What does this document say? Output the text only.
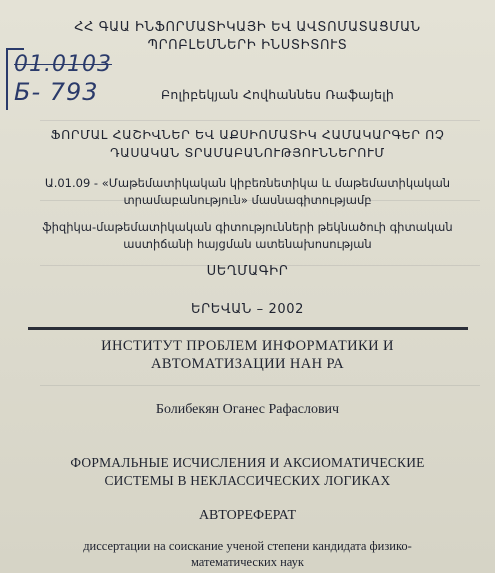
01.0103
Б- 793
ՀՀ ԳԱԱ ԻՆՖՈՐՄԱՏԻԿԱՅԻ ԵՎ ԱՎՏՈՄԱՏԱՑՄԱՆ
ՊՐՈԲԼԵՄՆԵՐԻ ԻՆՍՏԻՏՈՒՏ
Բոլիբեկյան Հովհաննես Ռաֆայելի
ՖՈՐՄԱԼ ՀԱՇԻՎՆԵՐ ԵՎ ԱՔՍԻՈՄԱՏԻԿ ՀԱՄԱԿԱՐԳԵՐ ՈՉ
ԴԱՍԱԿԱՆ ՏՐԱՄԱԲԱՆՈՒԹՅՈՒՆՆԵՐՈՒՄ
Ա.01.09 - «Մաթեմատիկական կիբեռնետիկա և մաթեմատիկական
տրամաբանություն» մասնագիտությամբ
ֆիզիկա-մաթեմատիկական գիտությունների թեկնածուի գիտական
աստիճանի հայցման ատենախոսության
ՍԵՂՄԱԳԻՐ
ԵՐԵՎԱՆ – 2002
ИНСТИТУТ ПРОБЛЕМ ИНФОРМАТИКИ И
АВТОМАТИЗАЦИИ НАН РА
Болибекян Оганес Рафаслович
ФОРМАЛЬНЫЕ ИСЧИСЛЕНИЯ И АКСИОМАТИЧЕСКИЕ
СИСТЕМЫ В НЕКЛАССИЧЕСКИХ ЛОГИКАХ
АВТОРЕФЕРАТ
диссертации на соискание ученой степени кандидата физико-
математических наук
